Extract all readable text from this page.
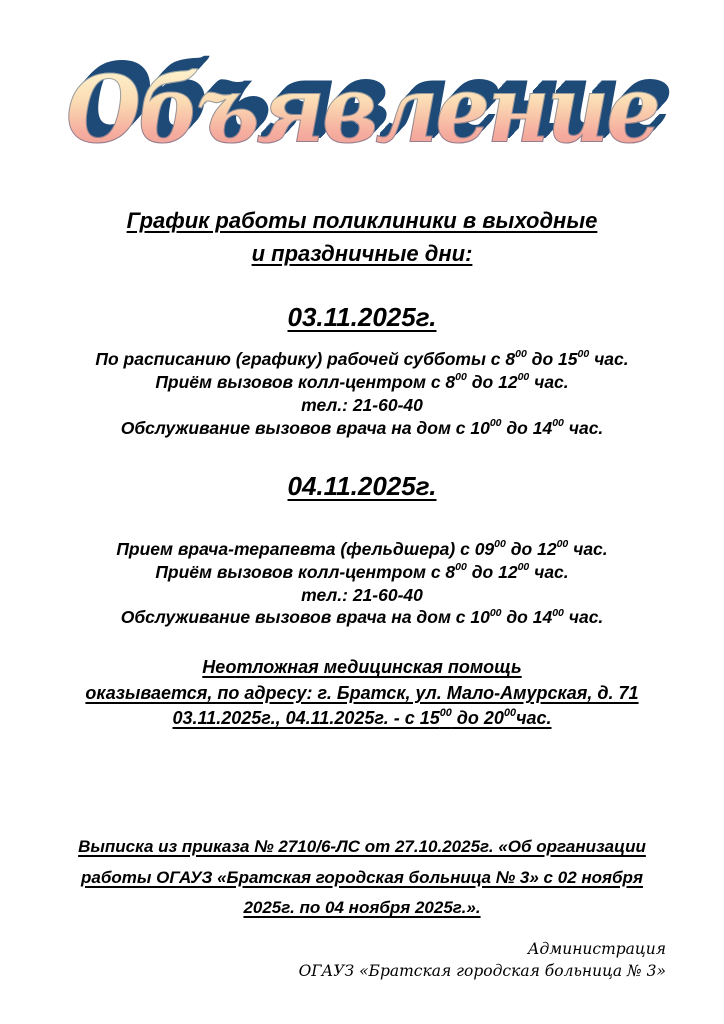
Объявление Объявление
График работы поликлиники в выходные
и праздничные дни:
03.11.2025г.
По расписанию (графику) рабочей субботы с $8^{00}$ до $15^{00}$ час.
Приём вызовов колл-центром с $8^{00}$ до $12^{00}$ час.
тел.: 21-60-40
Обслуживание вызовов врача на дом с $10^{00}$ до $14^{00}$ час.
04.11.2025г.
Прием врача-терапевта (фельдшера) с $09^{00}$ до $12^{00}$ час.
Приём вызовов колл-центром с $8^{00}$ до $12^{00}$ час.
тел.: 21-60-40
Обслуживание вызовов врача на дом с $10^{00}$ до $14^{00}$ час.
Неотложная медицинская помощь
оказывается, по адресу: г. Братск, ул. Мало-Амурская, д. 71
03.11.2025г., 04.11.2025г. - с $15^{00}$ до $20^{00}час$.
Выписка из приказа № 2710/6-ЛС от 27.10.2025г. «Об организации работы ОГАУЗ «Братская городская больница № 3» с 02 ноября 2025г. по 04 ноября 2025г.».
Администрация
ОГАУЗ «Братская городская больница № 3»
